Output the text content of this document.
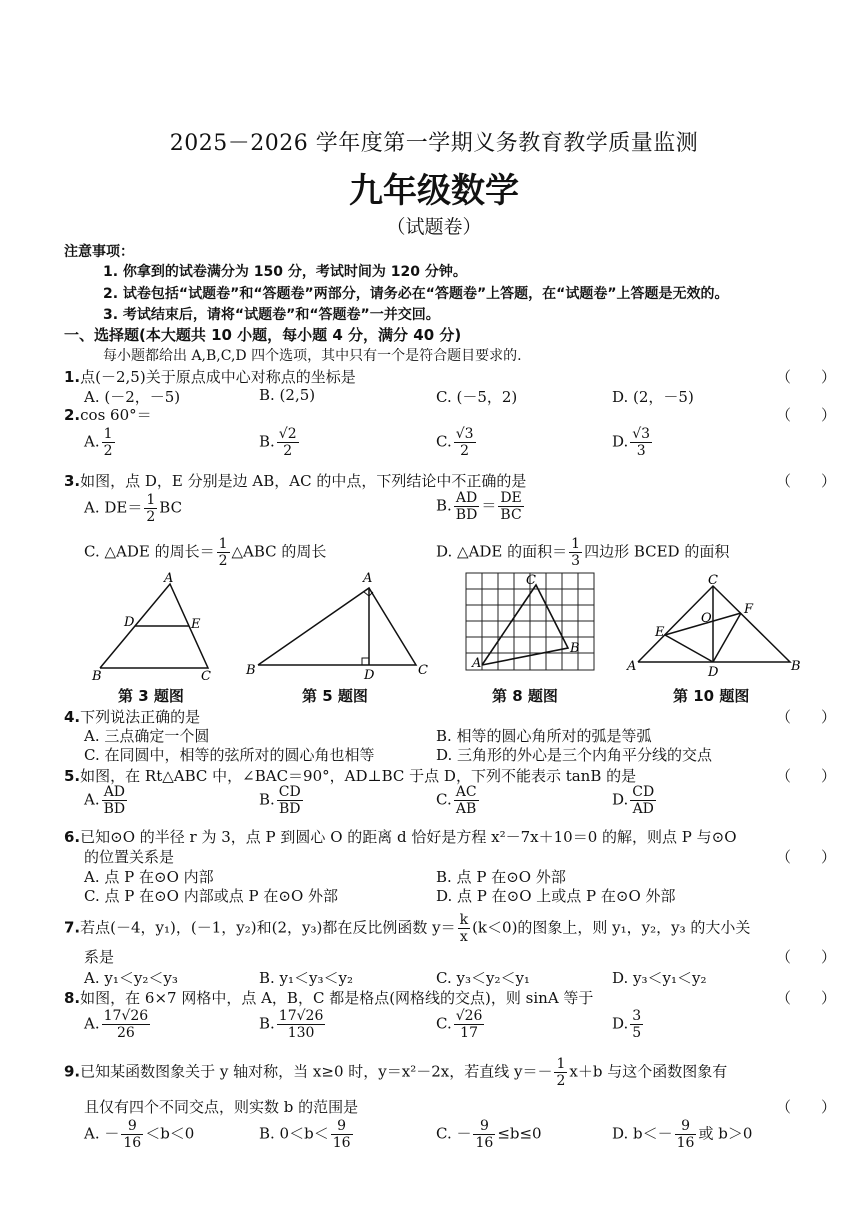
2025－2026 学年度第一学期义务教育教学质量监测
九年级数学
（试题卷）
注意事项：
1. 你拿到的试卷满分为 150 分，考试时间为 120 分钟。
2. 试卷包括“试题卷”和“答题卷”两部分，请务必在“答题卷”上答题，在“试题卷”上答题是无效的。
3. 考试结束后，请将“试题卷”和“答题卷”一并交回。
一、选择题(本大题共 10 小题，每小题 4 分，满分 40 分)
每小题都给出 A,B,C,D 四个选项，其中只有一个是符合题目要求的.
1.点(－2,5)关于原点成中心对称点的坐标是	（　　）
A. (－2，－5)	B. (2,5)	C. (－5，2)	D. (2，－5)
2.cos 60°＝	（　　）
A. $\frac{1}{2}$	B. $\frac{√2}{2}$	C. $\frac{√3}{2}$	D. $\frac{√3}{3}$
3.如图，点 D，E 分别是边 AB，AC 的中点，下列结论中不正确的是	（　　）
A. $DE= \frac{1}{2}$ BC	B. $\frac{AD}{BD} = \frac{DE}{BC}$
C. △ADE 的周长＝ $\frac{1}{2}$ △ABC 的周长	D. △ADE 的面积＝ $\frac{1}{3}$ 四边形 BCED 的面积
A
D	E
B	C
A
B	D	C
C
A
B
C
F
O
E
A	D	B
第 3 题图	第 5 题图	第 8 题图	第 10 题图
4.下列说法正确的是	（　　）
A. 三点确定一个圆	B. 相等的圆心角所对的弧是等弧
C. 在同圆中，相等的弦所对的圆心角也相等	D. 三角形的外心是三个内角平分线的交点
5.如图，在 Rt△ABC 中，∠BAC＝90°，AD⊥BC 于点 D，下列不能表示 tanB 的是	（　　）
A. $\frac{AD}{BD}$	B. $\frac{CD}{BD}$	C. $\frac{AC}{AB}$	D. $\frac{CD}{AD}$
6.已知⊙O 的半径 r 为 3，点 P 到圆心 O 的距离 d 恰好是方程 x²－7x＋10＝0 的解，则点 P 与⊙O
的位置关系是	（　　）
A. 点 P 在⊙O 内部	B. 点 P 在⊙O 外部
C. 点 P 在⊙O 内部或点 P 在⊙O 外部	D. 点 P 在⊙O 上或点 P 在⊙O 外部
7.若点(－4，y₁)，(－1，y₂)和(2，y₃)都在反比例函数 $y= \frac{k}{x} (k<0)$的图象上，则 y₁，y₂，y₃ 的大小关
系是	（　　）
A. y₁＜y₂＜y₃	B. y₁＜y₃＜y₂	C. y₃＜y₂＜y₁	D. y₃＜y₁＜y₂
8.如图，在 6×7 网格中，点 A，B，C 都是格点(网格线的交点)，则 sinA 等于	（　　）
A. $\frac{17√26}{26}$	B. $\frac{17√26}{130}$	C. $\frac{√26}{17}$	D. $\frac{3}{5}$
9.已知某函数图象关于 y 轴对称，当 x≥0 时，y＝x²－2x，若直线 $y=- \frac{1}{2} x+b$ 与这个函数图象有
且仅有四个不同交点，则实数 b 的范围是	（　　）
A. － $\frac{9}{16} <b<0$	B. $0<b< \frac{9}{16}$	C. － $\frac{9}{16} \le b\le 0$	D. $b<- \frac{9}{16}$ 或 b＞0
